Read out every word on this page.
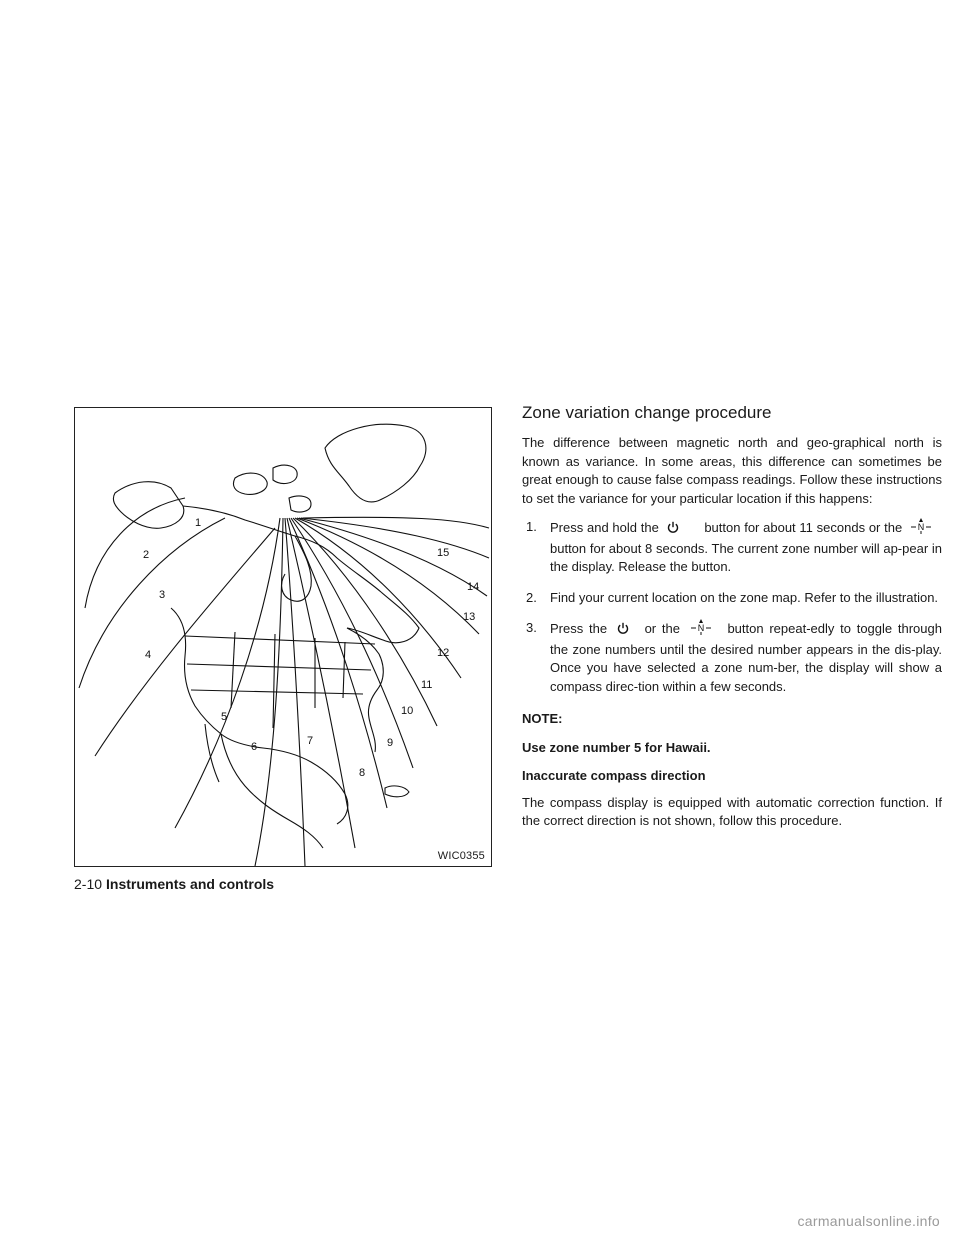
1
2
3
4
5
6	7
8
9
10
11
12
13
14
15
WIC0355
Zone variation change procedure

The difference between magnetic north and geo-graphical north is known as variance. In some areas, this difference can sometimes be great enough to cause false compass readings. Follow these instructions to set the variance for your particular location if this happens:

1. Press and hold the	button for about 11 seconds or the N
button for about 8 seconds. The current zone number will ap-pear in the display. Release the button.
2. Find your current location on the zone map. Refer to the illustration.
3. Press the	or the N button repeat-edly to toggle through the zone numbers until the desired number appears in the dis-play. Once you have selected a zone num-ber, the display will show a compass direc-tion within a few seconds.
NOTE:

Use zone number 5 for Hawaii.

Inaccurate compass direction

The compass display is equipped with automatic correction function. If the correct direction is not shown, follow this procedure.

2-10 Instruments and controls
carmanualsonline.info
